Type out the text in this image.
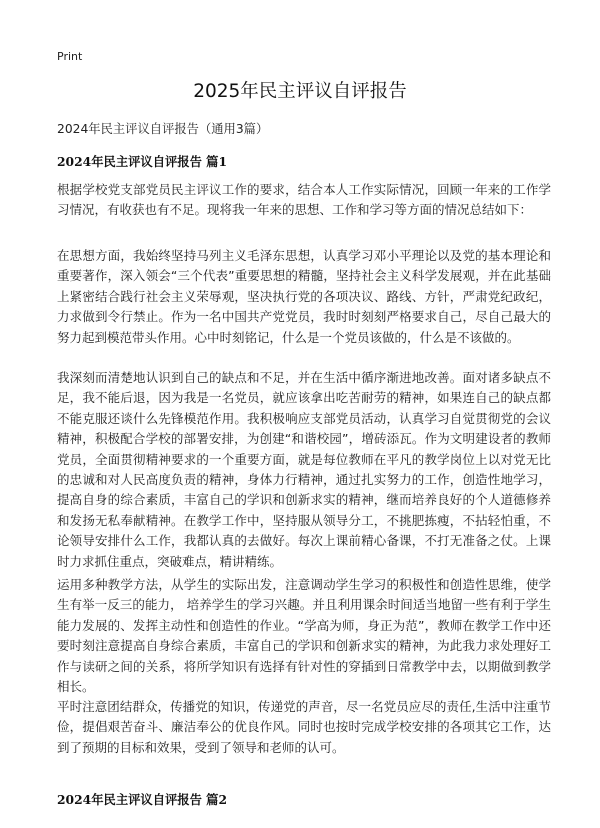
Print
2025年民主评议自评报告
2024年民主评议自评报告（通用3篇）
2024年民主评议自评报告 篇1

根据学校党支部党员民主评议工作的要求，结合本人工作实际情况，回顾一年来的工作学习情况，有收获也有不足。现将我一年来的思想、工作和学习等方面的情况总结如下：

在思想方面，我始终坚持马列主义毛泽东思想，认真学习邓小平理论以及党的基本理论和重要著作，深入领会“三个代表”重要思想的精髓，坚持社会主义科学发展观，并在此基础上紧密结合践行社会主义荣辱观，坚决执行党的各项决议、路线、方针，严肃党纪政纪，力求做到令行禁止。作为一名中国共产党党员，我时时刻刻严格要求自己，尽自己最大的努力起到模范带头作用。心中时刻铭记，什么是一个党员该做的，什么是不该做的。

我深刻而清楚地认识到自己的缺点和不足，并在生活中循序渐进地改善。面对诸多缺点不足，我不能后退，因为我是一名党员，就应该拿出吃苦耐劳的精神，如果连自己的缺点都不能克服还谈什么先锋模范作用。我积极响应支部党员活动，认真学习自觉贯彻党的会议精神，积极配合学校的部署安排，为创建“和谐校园”，增砖添瓦。作为文明建设者的教师党员，全面贯彻精神要求的一个重要方面，就是每位教师在平凡的教学岗位上以对党无比的忠诚和对人民高度负责的精神，身体力行精神，通过扎实努力的工作，创造性地学习，提高自身的综合素质，丰富自己的学识和创新求实的精神，继而培养良好的个人道德修养和发扬无私奉献精神。在教学工作中，坚持服从领导分工，不挑肥拣瘦，不拈轻怕重，不论领导安排什么工作，我都认真的去做好。每次上课前精心备课，不打无准备之仗。上课时力求抓住重点，突破难点，精讲精练。

运用多种教学方法，从学生的实际出发，注意调动学生学习的积极性和创造性思维，使学生有举一反三的能力， 培养学生的学习兴趣。并且利用课余时间适当地留一些有利于学生能力发展的、发挥主动性和创造性的作业。“学高为师，身正为范”，教师在教学工作中还要时刻注意提高自身综合素质，丰富自己的学识和创新求实的精神，为此我力求处理好工作与读研之间的关系，将所学知识有选择有针对性的穿插到日常教学中去，以期做到教学相长。

平时注意团结群众，传播党的知识，传递党的声音，尽一名党员应尽的责任,生活中注重节俭，提倡艰苦奋斗、廉洁奉公的优良作风。同时也按时完成学校安排的各项其它工作，达到了预期的目标和效果，受到了领导和老师的认可。

2024年民主评议自评报告 篇2
